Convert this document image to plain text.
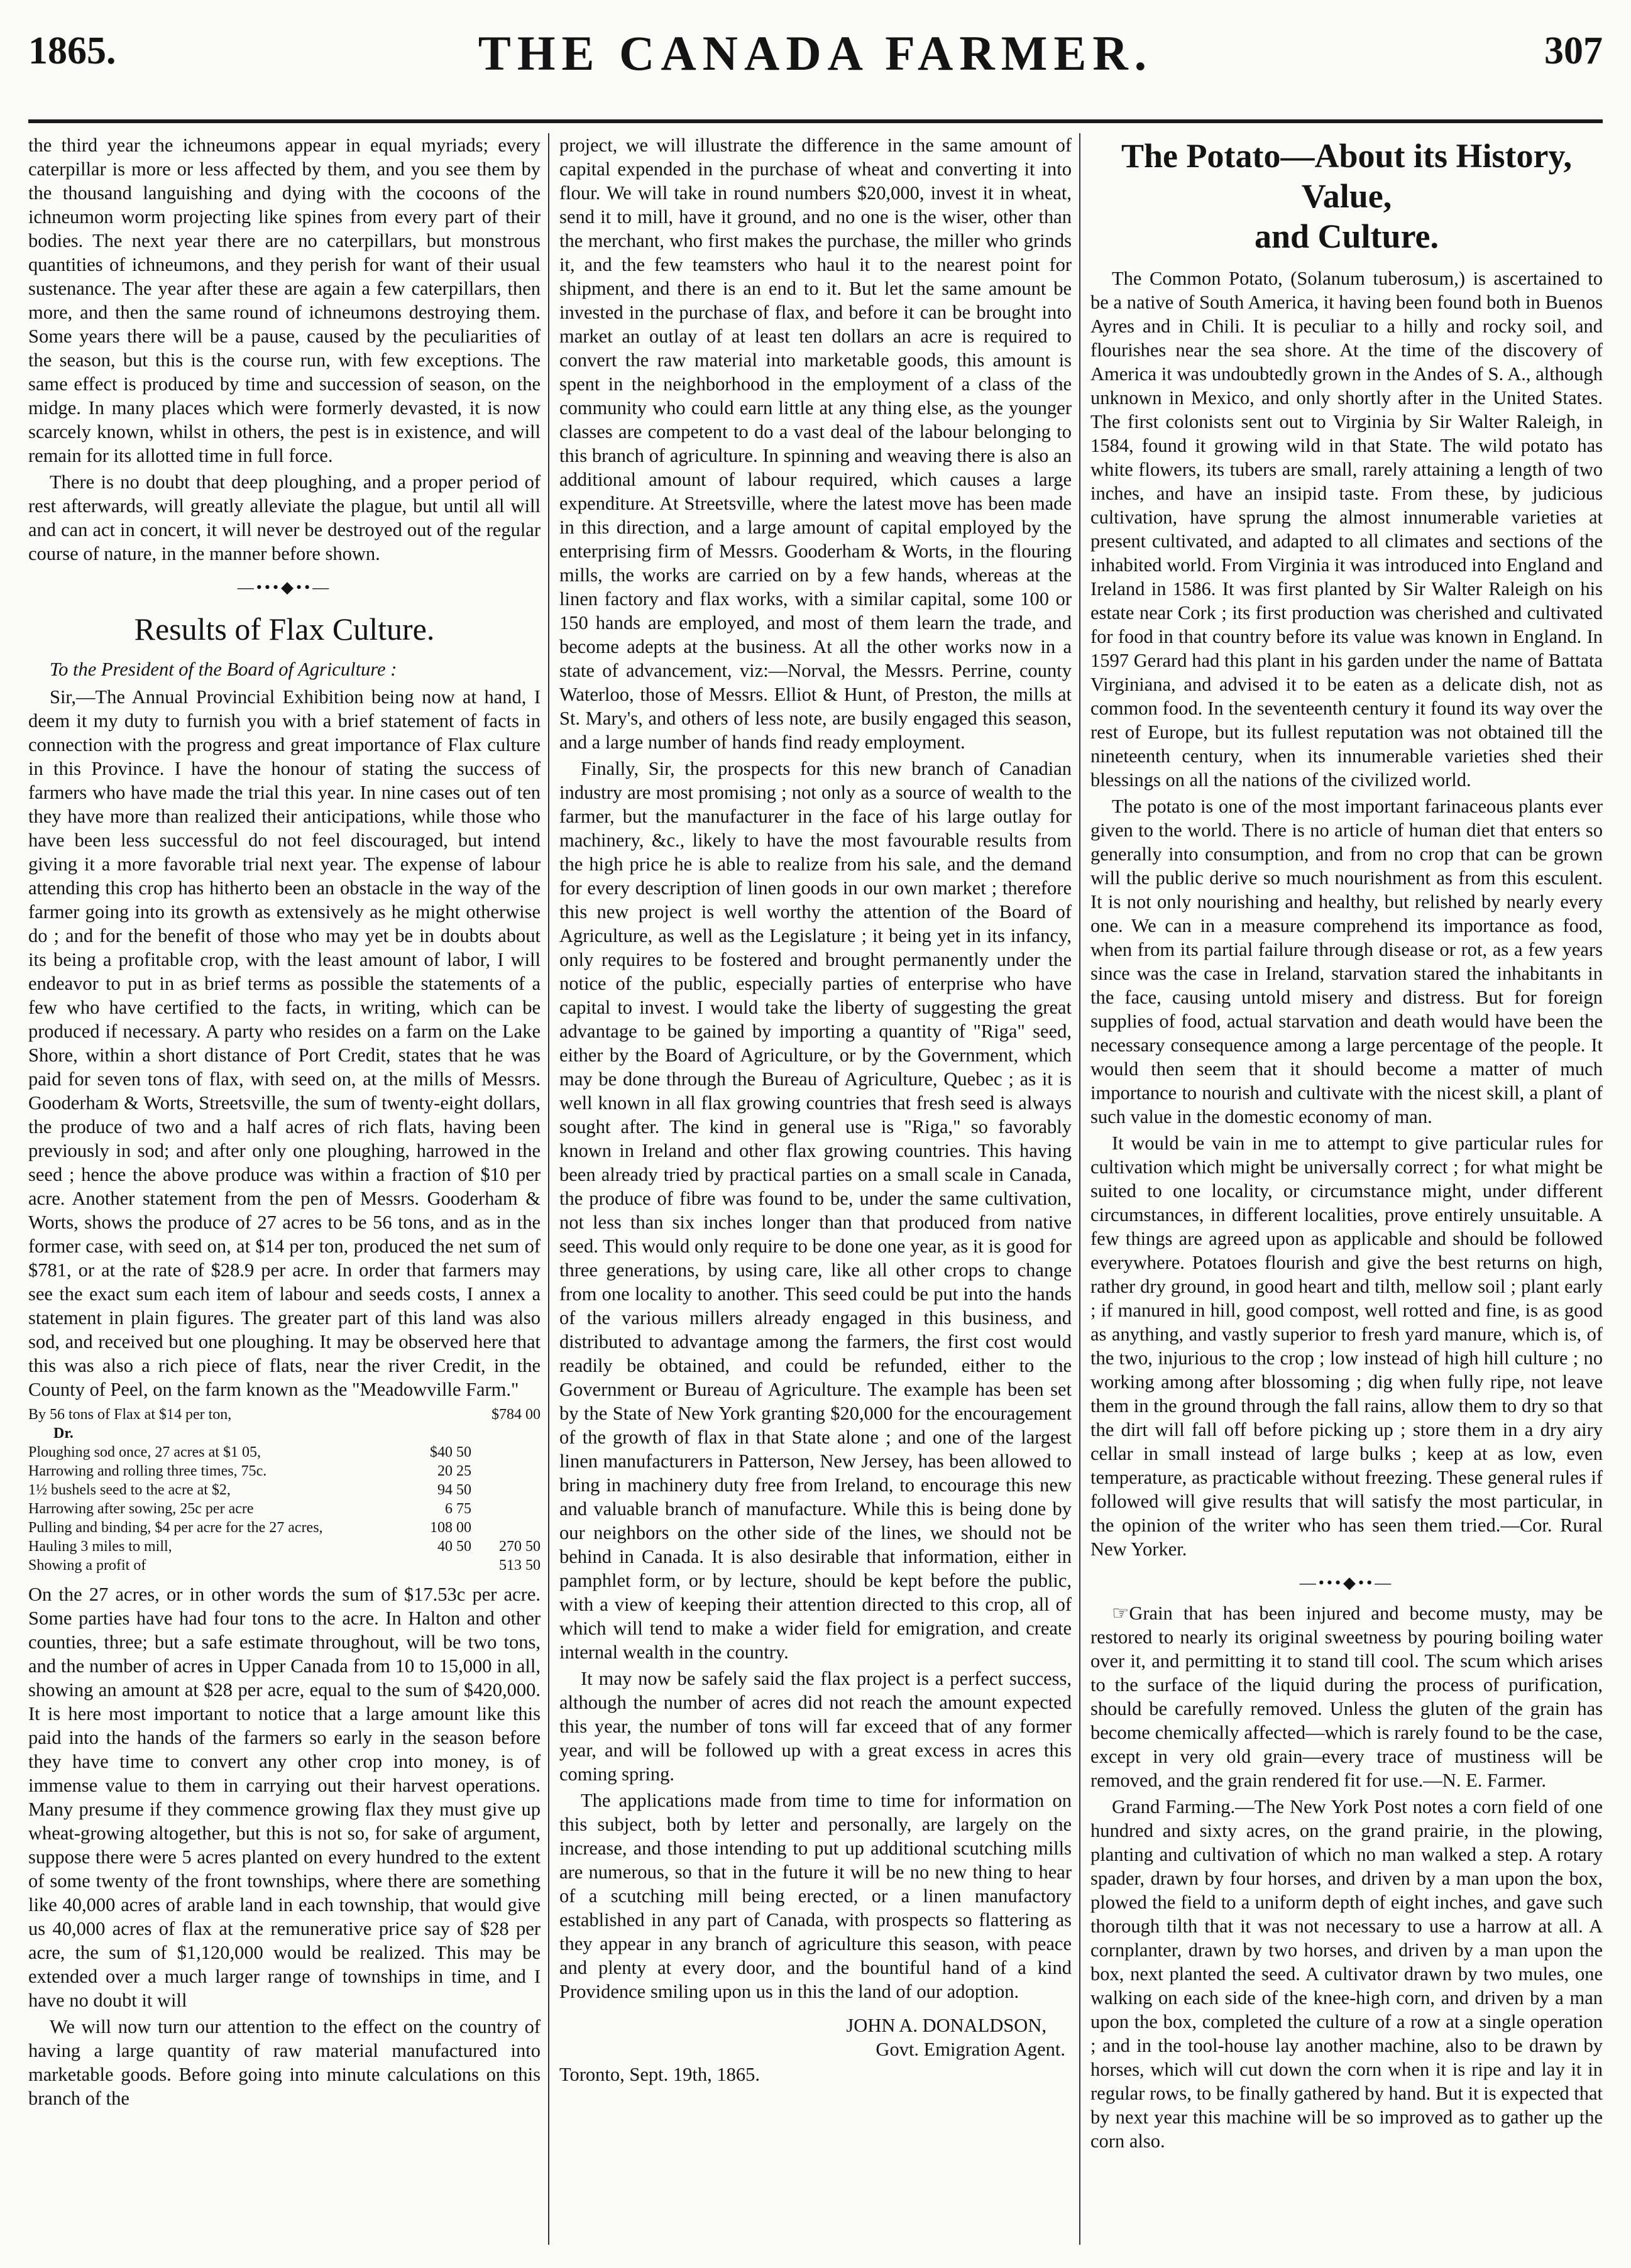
1865.	THE CANADA FARMER.	307

the third year the ichneumons appear in equal myriads; every caterpillar is more or less affected by them, and you see them by the thousand languishing and dying with the cocoons of the ichneumon worm projecting like spines from every part of their bodies. The next year there are no caterpillars, but monstrous quantities of ichneumons, and they perish for want of their usual sustenance. The year after these are again a few caterpillars, then more, and then the same round of ichneumons destroying them. Some years there will be a pause, caused by the peculiarities of the season, but this is the course run, with few exceptions. The same effect is produced by time and succession of season, on the midge. In many places which were formerly devasted, it is now scarcely known, whilst in others, the pest is in existence, and will remain for its allotted time in full force.

There is no doubt that deep ploughing, and a proper period of rest afterwards, will greatly alleviate the plague, but until all will and can act in concert, it will never be destroyed out of the regular course of nature, in the manner before shown.

—•••◆••—
Results of Flax Culture.
To the President of the Board of Agriculture :

Sir,—The Annual Provincial Exhibition being now at hand, I deem it my duty to furnish you with a brief statement of facts in connection with the progress and great importance of Flax culture in this Province. I have the honour of stating the success of farmers who have made the trial this year. In nine cases out of ten they have more than realized their anticipations, while those who have been less successful do not feel discouraged, but intend giving it a more favorable trial next year. The expense of labour attending this crop has hitherto been an obstacle in the way of the farmer going into its growth as extensively as he might otherwise do ; and for the benefit of those who may yet be in doubts about its being a profitable crop, with the least amount of labor, I will endeavor to put in as brief terms as possible the statements of a few who have certified to the facts, in writing, which can be produced if necessary. A party who resides on a farm on the Lake Shore, within a short distance of Port Credit, states that he was paid for seven tons of flax, with seed on, at the mills of Messrs. Gooderham & Worts, Streetsville, the sum of twenty-eight dollars, the produce of two and a half acres of rich flats, having been previously in sod; and after only one ploughing, harrowed in the seed ; hence the above produce was within a fraction of $10 per acre. Another statement from the pen of Messrs. Gooderham & Worts, shows the produce of 27 acres to be 56 tons, and as in the former case, with seed on, at $14 per ton, produced the net sum of $781, or at the rate of $28.9 per acre. In order that farmers may see the exact sum each item of labour and seeds costs, I annex a statement in plain figures. The greater part of this land was also sod, and received but one ploughing. It may be observed here that this was also a rich piece of flats, near the river Credit, in the County of Peel, on the farm known as the "Meadowville Farm."

By 56 tons of Flax at $14 per ton,	$784 00
Dr.
Ploughing sod once, 27 acres at $1 05,	$40 50
Harrowing and rolling three times, 75c.	20 25
1½ bushels seed to the acre at $2,	94 50
Harrowing after sowing, 25c per acre	6 75
Pulling and binding, $4 per acre for the 27 acres,	108 00
Hauling 3 miles to mill,	40 50	270 50
Showing a profit of	513 50

On the 27 acres, or in other words the sum of $17.53c per acre. Some parties have had four tons to the acre. In Halton and other counties, three; but a safe estimate throughout, will be two tons, and the number of acres in Upper Canada from 10 to 15,000 in all, showing an amount at $28 per acre, equal to the sum of $420,000. It is here most important to notice that a large amount like this paid into the hands of the farmers so early in the season before they have time to convert any other crop into money, is of immense value to them in carrying out their harvest operations. Many presume if they commence growing flax they must give up wheat-growing altogether, but this is not so, for sake of argument, suppose there were 5 acres planted on every hundred to the extent of some twenty of the front townships, where there are something like 40,000 acres of arable land in each township, that would give us 40,000 acres of flax at the remunerative price say of $28 per acre, the sum of $1,120,000 would be realized. This may be extended over a much larger range of townships in time, and I have no doubt it will

We will now turn our attention to the effect on the country of having a large quantity of raw material manufactured into marketable goods. Before going into minute calculations on this branch of the

project, we will illustrate the difference in the same amount of capital expended in the purchase of wheat and converting it into flour. We will take in round numbers $20,000, invest it in wheat, send it to mill, have it ground, and no one is the wiser, other than the merchant, who first makes the purchase, the miller who grinds it, and the few teamsters who haul it to the nearest point for shipment, and there is an end to it. But let the same amount be invested in the purchase of flax, and before it can be brought into market an outlay of at least ten dollars an acre is required to convert the raw material into marketable goods, this amount is spent in the neighborhood in the employment of a class of the community who could earn little at any thing else, as the younger classes are competent to do a vast deal of the labour belonging to this branch of agriculture. In spinning and weaving there is also an additional amount of labour required, which causes a large expenditure. At Streetsville, where the latest move has been made in this direction, and a large amount of capital employed by the enterprising firm of Messrs. Gooderham & Worts, in the flouring mills, the works are carried on by a few hands, whereas at the linen factory and flax works, with a similar capital, some 100 or 150 hands are employed, and most of them learn the trade, and become adepts at the business. At all the other works now in a state of advancement, viz:—Norval, the Messrs. Perrine, county Waterloo, those of Messrs. Elliot & Hunt, of Preston, the mills at St. Mary's, and others of less note, are busily engaged this season, and a large number of hands find ready employment.

Finally, Sir, the prospects for this new branch of Canadian industry are most promising ; not only as a source of wealth to the farmer, but the manufacturer in the face of his large outlay for machinery, &c., likely to have the most favourable results from the high price he is able to realize from his sale, and the demand for every description of linen goods in our own market ; therefore this new project is well worthy the attention of the Board of Agriculture, as well as the Legislature ; it being yet in its infancy, only requires to be fostered and brought permanently under the notice of the public, especially parties of enterprise who have capital to invest. I would take the liberty of suggesting the great advantage to be gained by importing a quantity of "Riga" seed, either by the Board of Agriculture, or by the Government, which may be done through the Bureau of Agriculture, Quebec ; as it is well known in all flax growing countries that fresh seed is always sought after. The kind in general use is "Riga," so favorably known in Ireland and other flax growing countries. This having been already tried by practical parties on a small scale in Canada, the produce of fibre was found to be, under the same cultivation, not less than six inches longer than that produced from native seed. This would only require to be done one year, as it is good for three generations, by using care, like all other crops to change from one locality to another. This seed could be put into the hands of the various millers already engaged in this business, and distributed to advantage among the farmers, the first cost would readily be obtained, and could be refunded, either to the Government or Bureau of Agriculture. The example has been set by the State of New York granting $20,000 for the encouragement of the growth of flax in that State alone ; and one of the largest linen manufacturers in Patterson, New Jersey, has been allowed to bring in machinery duty free from Ireland, to encourage this new and valuable branch of manufacture. While this is being done by our neighbors on the other side of the lines, we should not be behind in Canada. It is also desirable that information, either in pamphlet form, or by lecture, should be kept before the public, with a view of keeping their attention directed to this crop, all of which will tend to make a wider field for emigration, and create internal wealth in the country.

It may now be safely said the flax project is a perfect success, although the number of acres did not reach the amount expected this year, the number of tons will far exceed that of any former year, and will be followed up with a great excess in acres this coming spring.

The applications made from time to time for information on this subject, both by letter and personally, are largely on the increase, and those intending to put up additional scutching mills are numerous, so that in the future it will be no new thing to hear of a scutching mill being erected, or a linen manufactory established in any part of Canada, with prospects so flattering as they appear in any branch of agriculture this season, with peace and plenty at every door, and the bountiful hand of a kind Providence smiling upon us in this the land of our adoption.

JOHN A. DONALDSON,
Govt. Emigration Agent.
Toronto, Sept. 19th, 1865.
The Potato—About its History, Value,
and Culture.

The Common Potato, (Solanum tuberosum,) is ascertained to be a native of South America, it having been found both in Buenos Ayres and in Chili. It is peculiar to a hilly and rocky soil, and flourishes near the sea shore. At the time of the discovery of America it was undoubtedly grown in the Andes of S. A., although unknown in Mexico, and only shortly after in the United States. The first colonists sent out to Virginia by Sir Walter Raleigh, in 1584, found it growing wild in that State. The wild potato has white flowers, its tubers are small, rarely attaining a length of two inches, and have an insipid taste. From these, by judicious cultivation, have sprung the almost innumerable varieties at present cultivated, and adapted to all climates and sections of the inhabited world. From Virginia it was introduced into England and Ireland in 1586. It was first planted by Sir Walter Raleigh on his estate near Cork ; its first production was cherished and cultivated for food in that country before its value was known in England. In 1597 Gerard had this plant in his garden under the name of Battata Virginiana, and advised it to be eaten as a delicate dish, not as common food. In the seventeenth century it found its way over the rest of Europe, but its fullest reputation was not obtained till the nineteenth century, when its innumerable varieties shed their blessings on all the nations of the civilized world.

The potato is one of the most important farinaceous plants ever given to the world. There is no article of human diet that enters so generally into consumption, and from no crop that can be grown will the public derive so much nourishment as from this esculent. It is not only nourishing and healthy, but relished by nearly every one. We can in a measure comprehend its importance as food, when from its partial failure through disease or rot, as a few years since was the case in Ireland, starvation stared the inhabitants in the face, causing untold misery and distress. But for foreign supplies of food, actual starvation and death would have been the necessary consequence among a large percentage of the people. It would then seem that it should become a matter of much importance to nourish and cultivate with the nicest skill, a plant of such value in the domestic economy of man.

It would be vain in me to attempt to give particular rules for cultivation which might be universally correct ; for what might be suited to one locality, or circumstance might, under different circumstances, in different localities, prove entirely unsuitable. A few things are agreed upon as applicable and should be followed everywhere. Potatoes flourish and give the best returns on high, rather dry ground, in good heart and tilth, mellow soil ; plant early ; if manured in hill, good compost, well rotted and fine, is as good as anything, and vastly superior to fresh yard manure, which is, of the two, injurious to the crop ; low instead of high hill culture ; no working among after blossoming ; dig when fully ripe, not leave them in the ground through the fall rains, allow them to dry so that the dirt will fall off before picking up ; store them in a dry airy cellar in small instead of large bulks ; keep at as low, even temperature, as practicable without freezing. These general rules if followed will give results that will satisfy the most particular, in the opinion of the writer who has seen them tried.—Cor. Rural New Yorker.

—•••◆••—

☞Grain that has been injured and become musty, may be restored to nearly its original sweetness by pouring boiling water over it, and permitting it to stand till cool. The scum which arises to the surface of the liquid during the process of purification, should be carefully removed. Unless the gluten of the grain has become chemically affected—which is rarely found to be the case, except in very old grain—every trace of mustiness will be removed, and the grain rendered fit for use.—N. E. Farmer.

Grand Farming.—The New York Post notes a corn field of one hundred and sixty acres, on the grand prairie, in the plowing, planting and cultivation of which no man walked a step. A rotary spader, drawn by four horses, and driven by a man upon the box, plowed the field to a uniform depth of eight inches, and gave such thorough tilth that it was not necessary to use a harrow at all. A cornplanter, drawn by two horses, and driven by a man upon the box, next planted the seed. A cultivator drawn by two mules, one walking on each side of the knee-high corn, and driven by a man upon the box, completed the culture of a row at a single operation ; and in the tool-house lay another machine, also to be drawn by horses, which will cut down the corn when it is ripe and lay it in regular rows, to be finally gathered by hand. But it is expected that by next year this machine will be so improved as to gather up the corn also.
